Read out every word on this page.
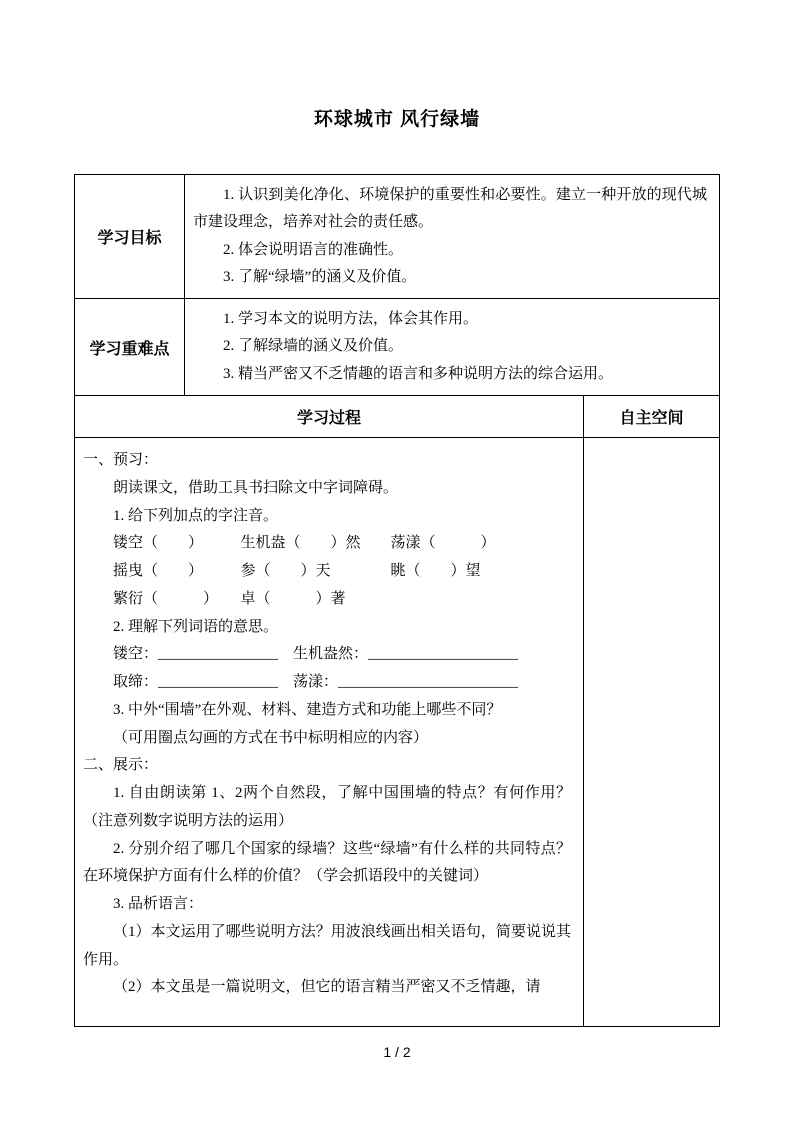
环球城市 风行绿墙
学习目标

1. 认识到美化净化、环境保护的重要性和必要性。建立一种开放的现代城市建设理念，培养对社会的责任感。

2. 体会说明语言的准确性。

3. 了解“绿墙”的涵义及价值。

学习重难点

1. 学习本文的说明方法，体会其作用。

2. 了解绿墙的涵义及价值。

3. 精当严密又不乏情趣的语言和多种说明方法的综合运用。

学习过程	自主空间

一、预习：

朗读课文，借助工具书扫除文中字词障碍。

1. 给下列加点的字注音。

镂空（　　）　　　生机盎（　　）然　　荡漾（　　　）

摇曳（　　）　　　参（　　）天　　　　眺（　　）望

繁衍（　　　）　　卓（　　　）著

2. 理解下列词语的意思。

镂空：________________　生机盎然：____________________

取缔：________________　荡漾：________________________

3. 中外“围墙”在外观、材料、建造方式和功能上哪些不同？

（可用圈点勾画的方式在书中标明相应的内容）

二、展示：

1. 自由朗读第 1、2两个自然段，了解中国围墙的特点？有何作用？（注意列数字说明方法的运用）

2. 分别介绍了哪几个国家的绿墙？这些“绿墙”有什么样的共同特点？在环境保护方面有什么样的价值？（学会抓语段中的关键词）

3. 品析语言：

（1）本文运用了哪些说明方法？用波浪线画出相关语句，简要说说其作用。

（2）本文虽是一篇说明文，但它的语言精当严密又不乏情趣，请

1 / 2
